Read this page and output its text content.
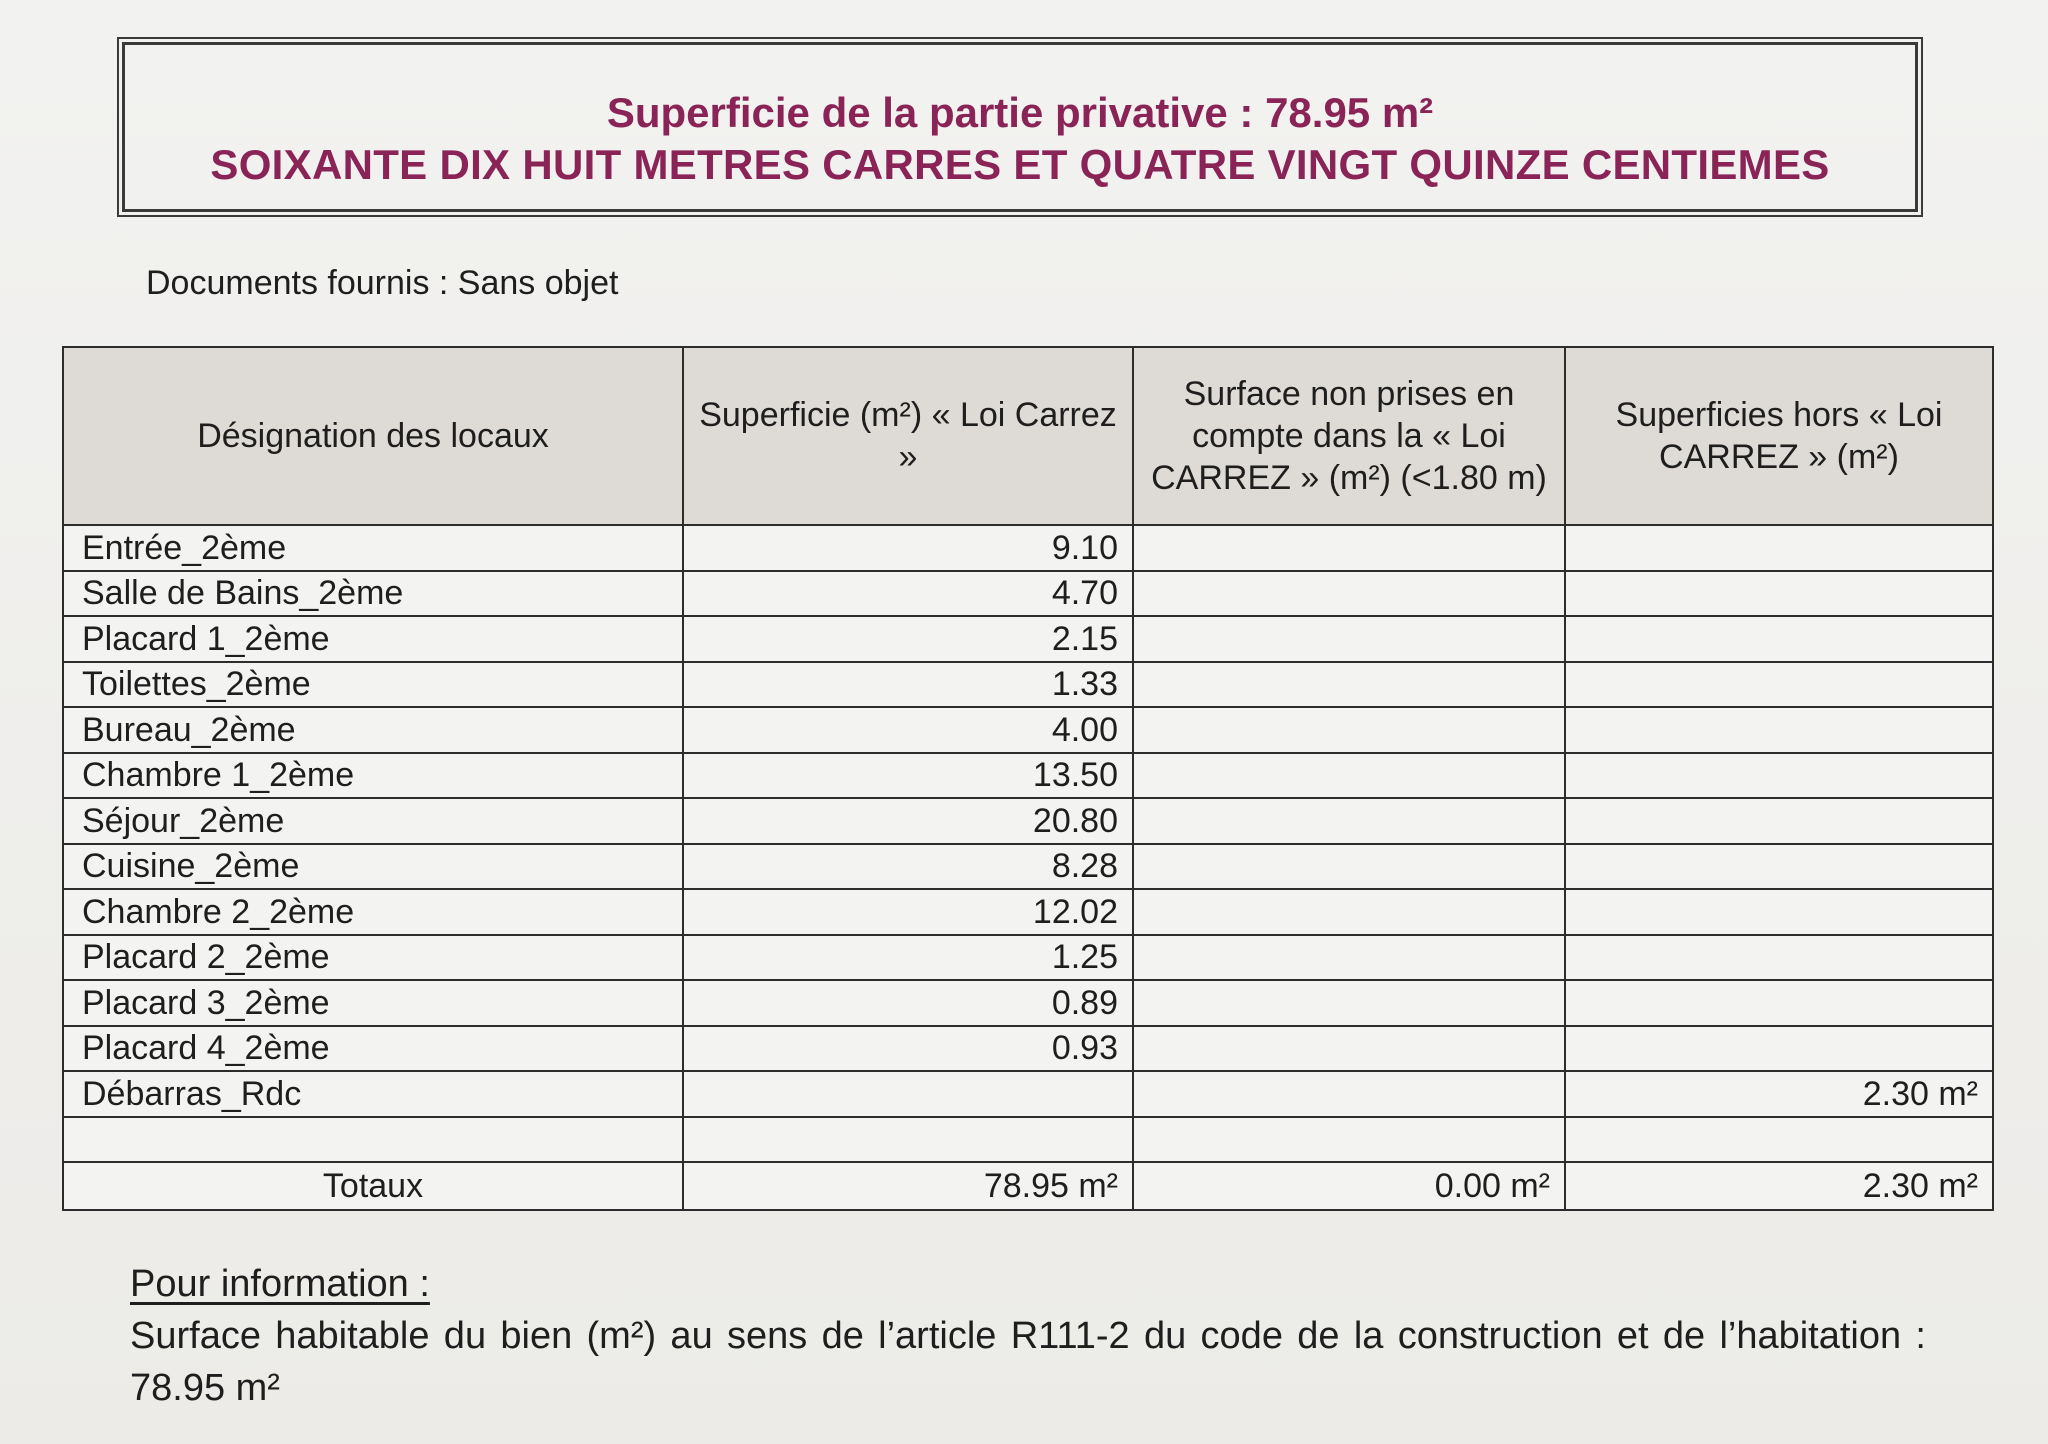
Superficie de la partie privative : 78.95 m²
SOIXANTE DIX HUIT METRES CARRES ET QUATRE VINGT QUINZE CENTIEMES
Documents fournis : Sans objet
Désignation des locaux	Superficie (m²) « Loi Carrez »	Surface non prises en compte dans la « Loi CARREZ » (m²) (<1.80 m)	Superficies hors « Loi CARREZ » (m²)
Entrée_2ème	9.10		
Salle de Bains_2ème	4.70		
Placard 1_2ème	2.15		
Toilettes_2ème	1.33		
Bureau_2ème	4.00		
Chambre 1_2ème	13.50		
Séjour_2ème	20.80		
Cuisine_2ème	8.28		
Chambre 2_2ème	12.02		
Placard 2_2ème	1.25		
Placard 3_2ème	0.89		
Placard 4_2ème	0.93		
Débarras_Rdc			2.30 m²

Totaux	78.95 m²	0.00 m²	2.30 m²
Pour information :
Surface habitable du bien (m²) au sens de l’article R111-2 du code de la construction et de l’habitation : 78.95 m²
